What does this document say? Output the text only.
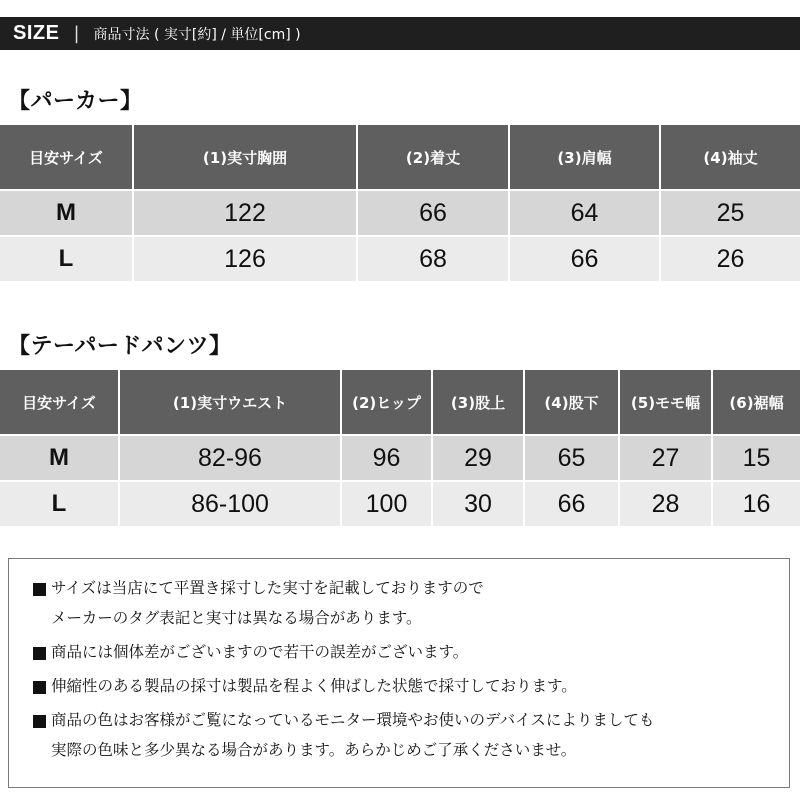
SIZE | 商品寸法 ( 実寸[約] / 単位[cm] )
【パーカー】
目安サイズ	(1)実寸胸囲	(2)着丈	(3)肩幅	(4)袖丈
M	122	66	64	25
L	126	68	66	26
【テーパードパンツ】
目安サイズ	(1)実寸ウエスト	(2)ヒップ	(3)股上	(4)股下	(5)モモ幅	(6)裾幅
M	82-96	96	29	65	27	15
L	86-100	100	30	66	28	16
サイズは当店にて平置き採寸した実寸を記載しておりますので
メーカーのタグ表記と実寸は異なる場合があります。
商品には個体差がございますので若干の誤差がございます。
伸縮性のある製品の採寸は製品を程よく伸ばした状態で採寸しております。
商品の色はお客様がご覧になっているモニター環境やお使いのデバイスによりましても
実際の色味と多少異なる場合があります。あらかじめご了承くださいませ。
